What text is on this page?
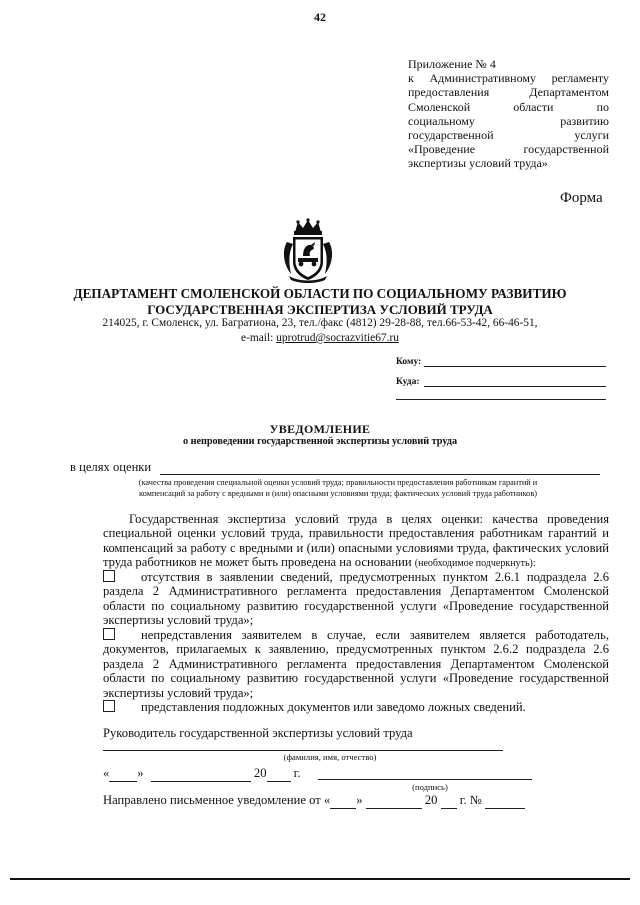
42
Приложение № 4
к Административному регламенту
предоставления Департаментом
Смоленской области по
социальному развитию
государственной услуги
«Проведение государственной
экспертизы условий труда»
Форма
ДЕПАРТАМЕНТ СМОЛЕНСКОЙ ОБЛАСТИ ПО СОЦИАЛЬНОМУ РАЗВИТИЮ
ГОСУДАРСТВЕННАЯ ЭКСПЕРТИЗА УСЛОВИЙ ТРУДА
214025, г. Смоленск, ул. Багратиона, 23, тел./факс (4812) 29-28-88, тел.66-53-42, 66-46-51,
e-mail: uprotrud@socrazvitie67.ru
Кому:
Куда:
УВЕДОМЛЕНИЕ
о непроведении государственной экспертизы условий труда
в целях оценки
(качества проведения специальной оценки условий труда; правильности предоставления работникам гарантий и
компенсаций за работу с вредными и (или) опасными условиями труда; фактических условий труда работников)
Государственная экспертиза условий труда в целях оценки: качества проведения специальной оценки условий труда, правильности предоставления работникам гарантий и компенсаций за работу с вредными и (или) опасными условиями труда, фактических условий труда работников не может быть проведена на основании (необходимое подчеркнуть):
отсутствия в заявлении сведений, предусмотренных пунктом 2.6.1 подраздела 2.6 раздела 2 Административного регламента предоставления Департаментом Смоленской области по социальному развитию государственной услуги «Проведение государственной экспертизы условий труда»;
непредставления заявителем в случае, если заявителем является работодатель, документов, прилагаемых к заявлению, предусмотренных пунктом 2.6.2 подраздела 2.6 раздела 2 Административного регламента предоставления Департаментом Смоленской области по социальному развитию государственной услуги «Проведение государственной экспертизы условий труда»;
представления подложных документов или заведомо ложных сведений.
Руководитель государственной экспертизы условий труда
(фамилия, имя, отчество)
« »	20 г.
(подпись)
Направлено письменное уведомление от « »	20 г. №
